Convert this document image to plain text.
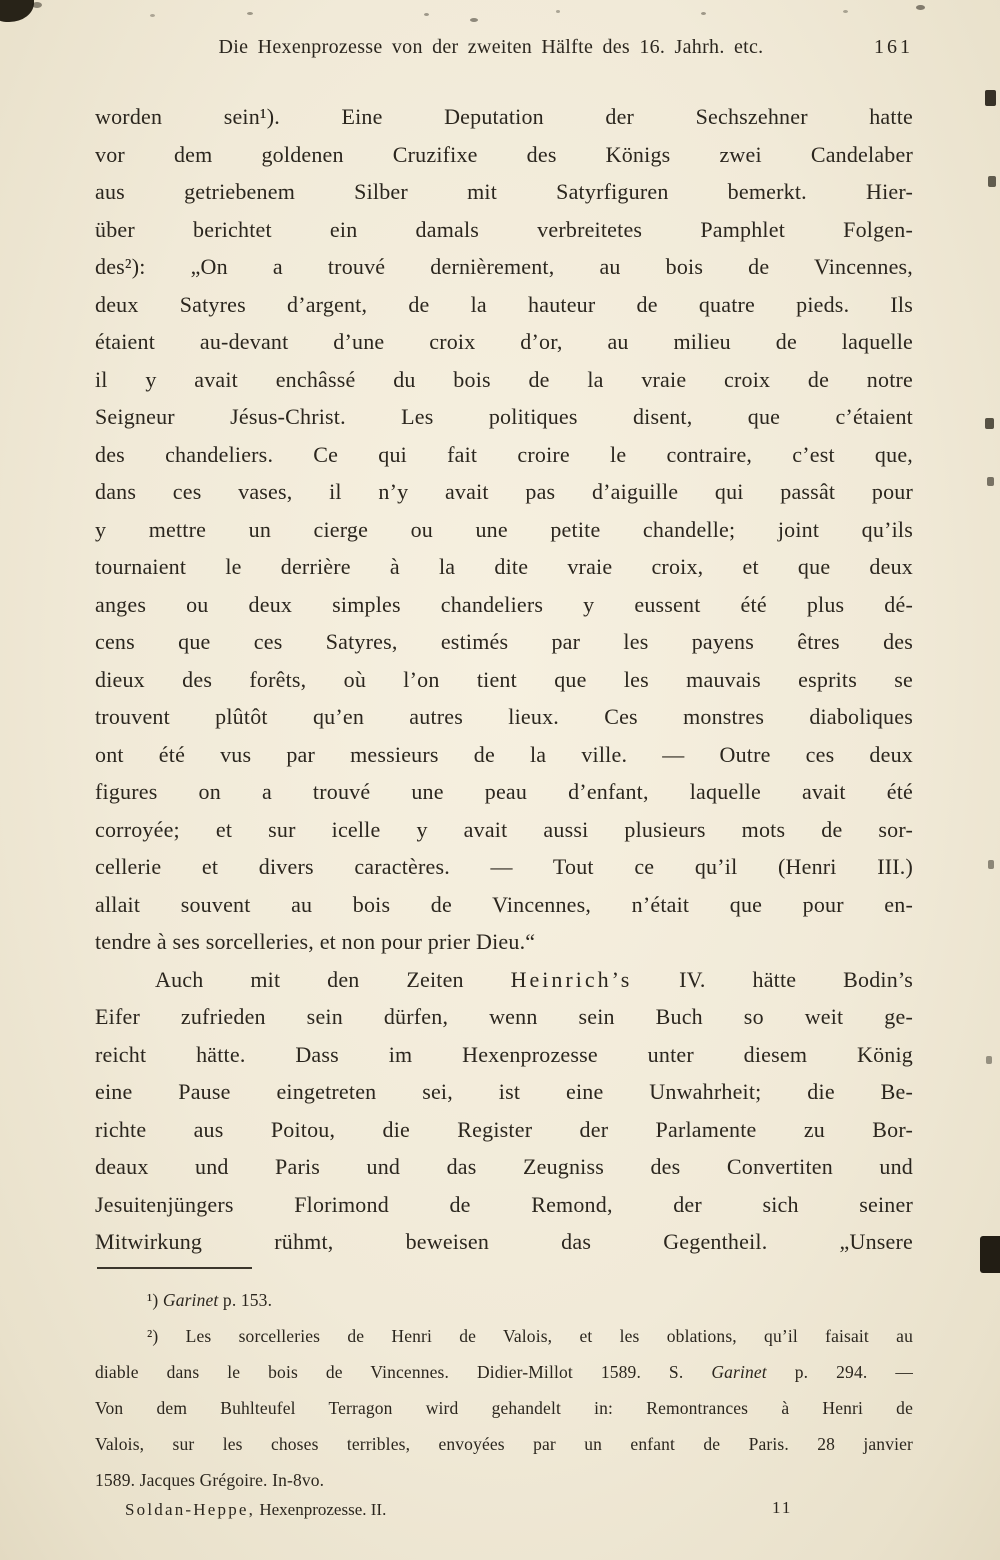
Die Hexenprozesse von der zweiten Hälfte des 16. Jahrh. etc.	161
worden sein¹). Eine Deputation der Sechszehner hatte
vor dem goldenen Cruzifixe des Königs zwei Candelaber
aus getriebenem Silber mit Satyrfiguren bemerkt. Hier-
über berichtet ein damals verbreitetes Pamphlet Folgen-
des²): „On a trouvé dernièrement, au bois de Vincennes,
deux Satyres d’argent, de la hauteur de quatre pieds. Ils
étaient au-devant d’une croix d’or, au milieu de laquelle
il y avait enchâssé du bois de la vraie croix de notre
Seigneur Jésus-Christ. Les politiques disent, que c’étaient
des chandeliers. Ce qui fait croire le contraire, c’est que,
dans ces vases, il n’y avait pas d’aiguille qui passât pour
y mettre un cierge ou une petite chandelle; joint qu’ils
tournaient le derrière à la dite vraie croix, et que deux
anges ou deux simples chandeliers y eussent été plus dé-
cens que ces Satyres, estimés par les payens êtres des
dieux des forêts, où l’on tient que les mauvais esprits se
trouvent plûtôt qu’en autres lieux. Ces monstres diaboliques
ont été vus par messieurs de la ville. — Outre ces deux
figures on a trouvé une peau d’enfant, laquelle avait été
corroyée; et sur icelle y avait aussi plusieurs mots de sor-
cellerie et divers caractères. — Tout ce qu’il (Henri III.)
allait souvent au bois de Vincennes, n’était que pour en-
tendre à ses sorcelleries, et non pour prier Dieu.“
Auch mit den Zeiten Heinrich’s IV. hätte Bodin’s
Eifer zufrieden sein dürfen, wenn sein Buch so weit ge-
reicht hätte. Dass im Hexenprozesse unter diesem König
eine Pause eingetreten sei, ist eine Unwahrheit; die Be-
richte aus Poitou, die Register der Parlamente zu Bor-
deaux und Paris und das Zeugniss des Convertiten und
Jesuitenjüngers Florimond de Remond, der sich seiner
Mitwirkung rühmt, beweisen das Gegentheil. „Unsere
¹) Garinet p. 153.
²) Les sorcelleries de Henri de Valois, et les oblations, qu’il faisait au
diable dans le bois de Vincennes. Didier-Millot 1589. S. Garinet p. 294. —
Von dem Buhlteufel Terragon wird gehandelt in: Remontrances à Henri de
Valois, sur les choses terribles, envoyées par un enfant de Paris. 28 janvier
1589. Jacques Grégoire. In-8vo.
Soldan-Heppe, Hexenprozesse. II.	11
